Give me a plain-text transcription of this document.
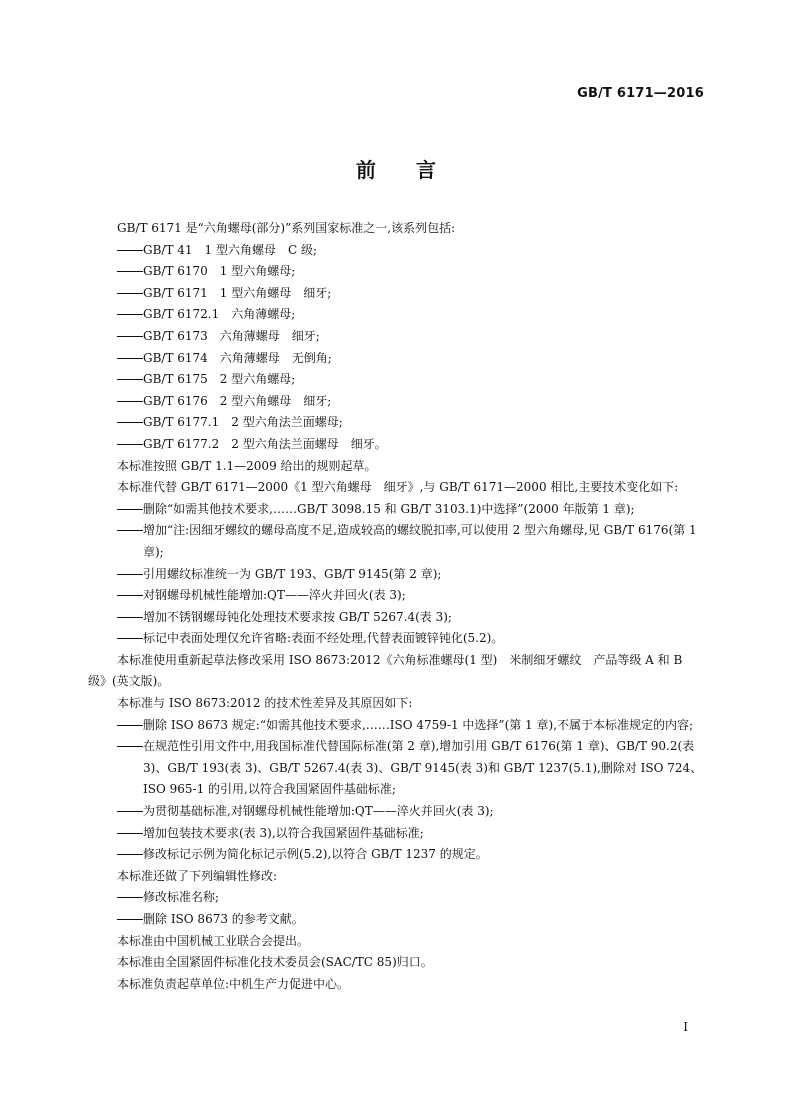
GB/T 6171—2016
前言
GB/T 6171 是“六角螺母(部分)”系列国家标准之一,该系列包括:
GB/T 41　1 型六角螺母　C 级;
GB/T 6170　1 型六角螺母;
GB/T 6171　1 型六角螺母　细牙;
GB/T 6172.1　六角薄螺母;
GB/T 6173　六角薄螺母　细牙;
GB/T 6174　六角薄螺母　无倒角;
GB/T 6175　2 型六角螺母;
GB/T 6176　2 型六角螺母　细牙;
GB/T 6177.1　2 型六角法兰面螺母;
GB/T 6177.2　2 型六角法兰面螺母　细牙。
本标准按照 GB/T 1.1—2009 给出的规则起草。
本标准代替 GB/T 6171—2000《1 型六角螺母　细牙》,与 GB/T 6171—2000 相比,主要技术变化如下:
删除“如需其他技术要求,……GB/T 3098.15 和 GB/T 3103.1)中选择”(2000 年版第 1 章);
增加“注:因细牙螺纹的螺母高度不足,造成较高的螺纹脱扣率,可以使用 2 型六角螺母,见 GB/T 6176(第 1 章);
引用螺纹标准统一为 GB/T 193、GB/T 9145(第 2 章);
对钢螺母机械性能增加:QT——淬火并回火(表 3);
增加不锈钢螺母钝化处理技术要求按 GB/T 5267.4(表 3);
标记中表面处理仅允许省略:表面不经处理,代替表面镀锌钝化(5.2)。
本标准使用重新起草法修改采用 ISO 8673:2012《六角标准螺母(1 型)　米制细牙螺纹　产品等级 A 和 B 级》(英文版)。
本标准与 ISO 8673:2012 的技术性差异及其原因如下:
删除 ISO 8673 规定:“如需其他技术要求,……ISO 4759-1 中选择”(第 1 章),不属于本标准规定的内容;
在规范性引用文件中,用我国标准代替国际标准(第 2 章),增加引用 GB/T 6176(第 1 章)、GB/T 90.2(表 3)、GB/T 193(表 3)、GB/T 5267.4(表 3)、GB/T 9145(表 3)和 GB/T 1237(5.1),删除对 ISO 724、ISO 965-1 的引用,以符合我国紧固件基础标准;
为贯彻基础标准,对钢螺母机械性能增加:QT——淬火并回火(表 3);
增加包装技术要求(表 3),以符合我国紧固件基础标准;
修改标记示例为简化标记示例(5.2),以符合 GB/T 1237 的规定。
本标准还做了下列编辑性修改:
修改标准名称;
删除 ISO 8673 的参考文献。
本标准由中国机械工业联合会提出。
本标准由全国紧固件标准化技术委员会(SAC/TC 85)归口。
本标准负责起草单位:中机生产力促进中心。
I
